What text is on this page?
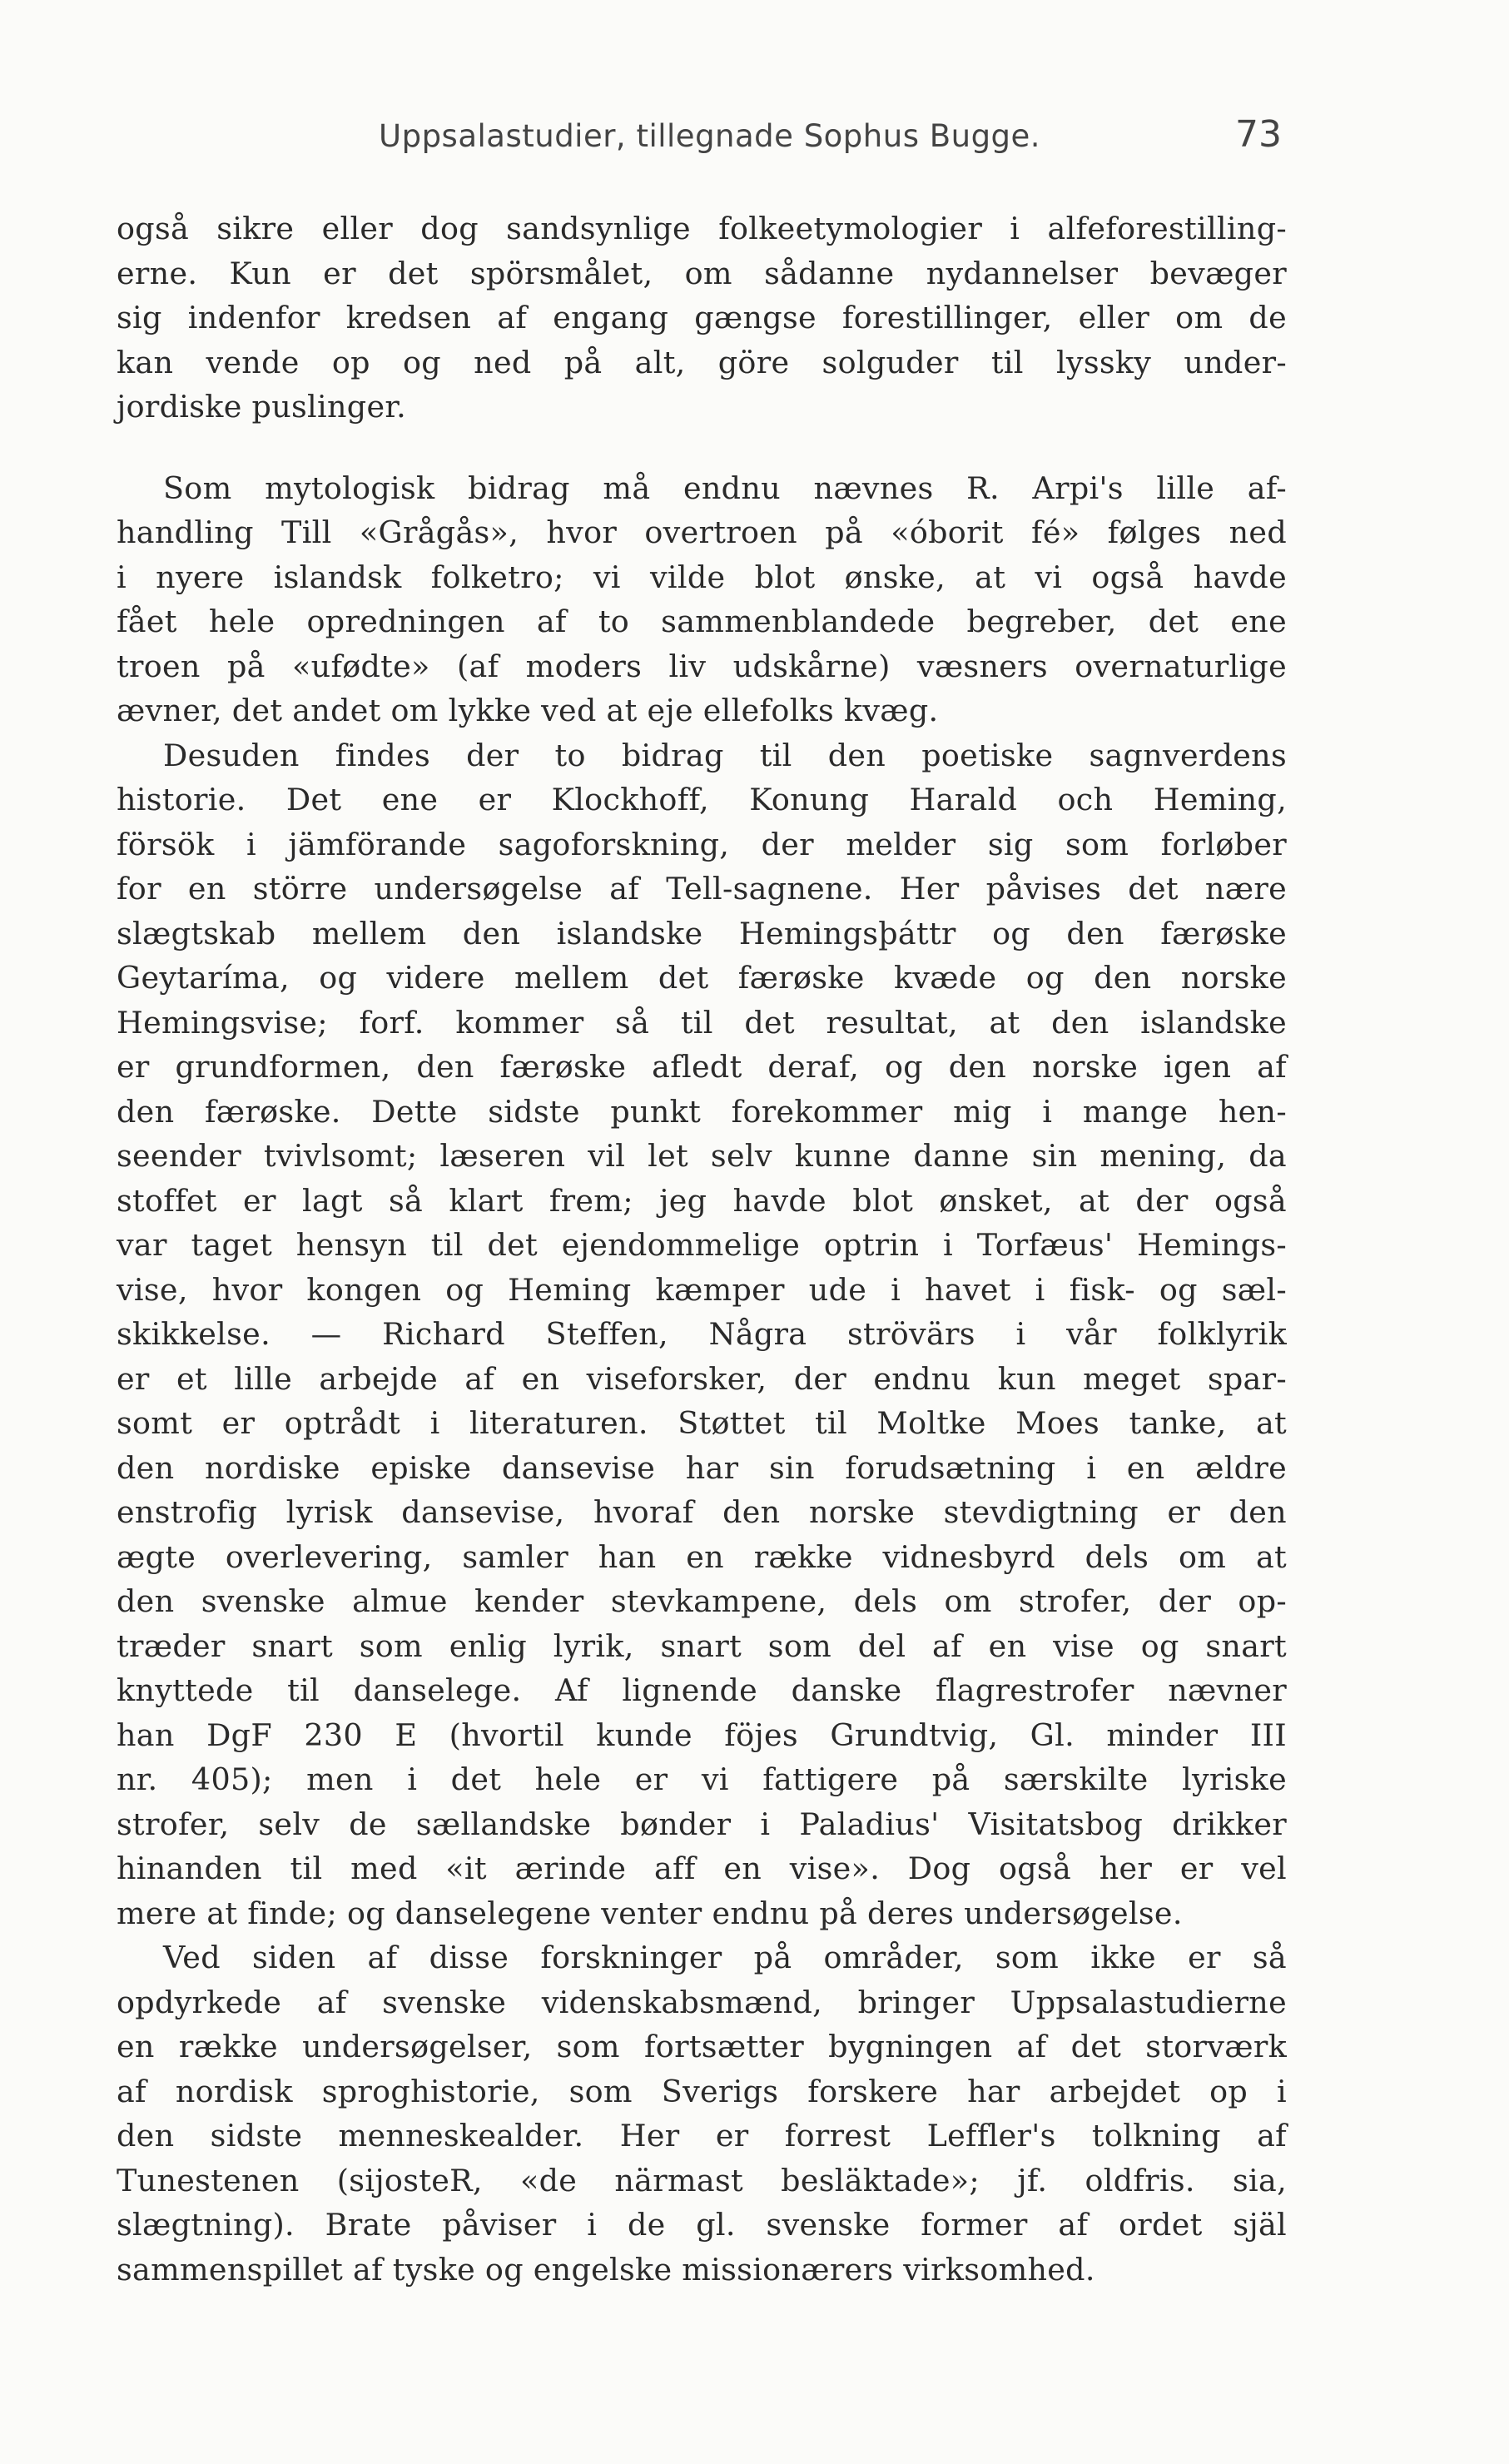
Uppsalastudier, tillegnade Sophus Bugge.	73
også sikre eller dog sandsynlige folkeetymologier i alfeforestilling-
erne. Kun er det spörsmålet, om sådanne nydannelser bevæger
sig indenfor kredsen af engang gængse forestillinger, eller om de
kan vende op og ned på alt, göre solguder til lyssky under-
jordiske puslinger.
Som mytologisk bidrag må endnu nævnes R. Arpi's lille af-
handling Till «Grågås», hvor overtroen på «óborit fé» følges ned
i nyere islandsk folketro; vi vilde blot ønske, at vi også havde
fået hele opredningen af to sammenblandede begreber, det ene
troen på «ufødte» (af moders liv udskårne) væsners overnaturlige
ævner, det andet om lykke ved at eje ellefolks kvæg.
Desuden findes der to bidrag til den poetiske sagnverdens
historie. Det ene er Klockhoff, Konung Harald och Heming,
försök i jämförande sagoforskning, der melder sig som forløber
for en större undersøgelse af Tell-sagnene. Her påvises det nære
slægtskab mellem den islandske Hemingsþáttr og den færøske
Geytaríma, og videre mellem det færøske kvæde og den norske
Hemingsvise; forf. kommer så til det resultat, at den islandske
er grundformen, den færøske afledt deraf, og den norske igen af
den færøske. Dette sidste punkt forekommer mig i mange hen-
seender tvivlsomt; læseren vil let selv kunne danne sin mening, da
stoffet er lagt så klart frem; jeg havde blot ønsket, at der også
var taget hensyn til det ejendommelige optrin i Torfæus' Hemings-
vise, hvor kongen og Heming kæmper ude i havet i fisk- og sæl-
skikkelse. — Richard Steffen, Några strövärs i vår folklyrik
er et lille arbejde af en viseforsker, der endnu kun meget spar-
somt er optrådt i literaturen. Støttet til Moltke Moes tanke, at
den nordiske episke dansevise har sin forudsætning i en ældre
enstrofig lyrisk dansevise, hvoraf den norske stevdigtning er den
ægte overlevering, samler han en række vidnesbyrd dels om at
den svenske almue kender stevkampene, dels om strofer, der op-
træder snart som enlig lyrik, snart som del af en vise og snart
knyttede til danselege. Af lignende danske flagrestrofer nævner
han DgF 230 E (hvortil kunde föjes Grundtvig, Gl. minder III
nr. 405); men i det hele er vi fattigere på særskilte lyriske
strofer, selv de sællandske bønder i Paladius' Visitatsbog drikker
hinanden til med «it ærinde aff en vise». Dog også her er vel
mere at finde; og danselegene venter endnu på deres undersøgelse.
Ved siden af disse forskninger på områder, som ikke er så
opdyrkede af svenske videnskabsmænd, bringer Uppsalastudierne
en række undersøgelser, som fortsætter bygningen af det storværk
af nordisk sproghistorie, som Sverigs forskere har arbejdet op i
den sidste menneskealder. Her er forrest Leffler's tolkning af
Tunestenen (sijosteR, «de närmast besläktade»; jf. oldfris. sia,
slægtning). Brate påviser i de gl. svenske former af ordet själ
sammenspillet af tyske og engelske missionærers virksomhed.
